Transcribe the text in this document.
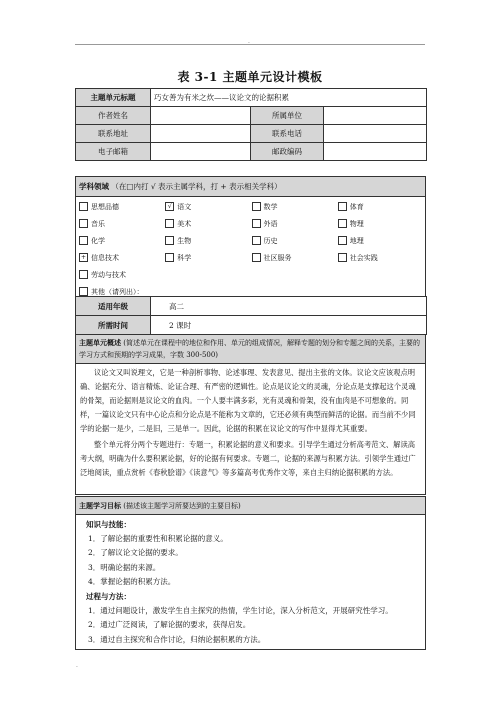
.
表 3-1 主题单元设计模板
主题单元标题	巧女善为有米之炊——议论文的论据积累		
作者姓名		所属单位	
联系地址		联系电话	
电子邮箱		邮政编码	
学科领域 （在□内打 √ 表示主属学科，打 + 表示相关学科）
思想品德	√ 语文	数学	体育
音乐	美术	外语	物理
化学	生物	历史	地理
+ 信息技术	科学	社区服务	社会实践
劳动与技术
其他（请列出）：
适用年级	高二
所需时间	2 课时
主题单元概述 (简述单元在课程中的地位和作用、单元的组成情况，解释专题的划分和专题之间的关系，主要的学习方式和预期的学习成果，字数 300-500)

议论文又叫说理文，它是一种剖析事物、论述事理、发表意见、提出主张的文体。议论文应该观点明确、论据充分、语言精炼、论证合理、有严密的逻辑性。论点是议论文的灵魂，分论点是支撑起这个灵魂的骨架，而论据则是议论文的血肉。一个人要丰满多彩，光有灵魂和骨架，没有血肉是不可想象的。同样，一篇议论文只有中心论点和分论点是不能称为文章的，它还必须有典型而鲜活的论据。而当前不少同学的论据一是少，二是旧，三是单一。因此，论据的积累在议论文的写作中显得尤其重要。
整个单元将分两个专题进行：专题一，积累论据的意义和要求。引导学生通过分析高考范文、解读高考大纲，明确为什么要积累论据，好的论据有何要求。专题二，论据的来源与积累方法。引领学生通过广泛地阅读，重点赏析《春秋脍谱》《读意气》等多篇高考优秀作文等，来自主归纳论据积累的方法。
主题学习目标 (描述该主题学习所要达到的主要目标)

知识与技能：
1．了解论据的重要性和积累论据的意义。
2．了解议论文论据的要求。
3．明确论据的来源。
4．掌握论据的积累方法。
过程与方法：
1．通过问题设计，激发学生自主探究的热情，学生讨论，深入分析范文，开展研究性学习。
2．通过广泛阅读，了解论据的要求，获得启发。
3．通过自主探究和合作讨论，归纳论据积累的方法。
.
